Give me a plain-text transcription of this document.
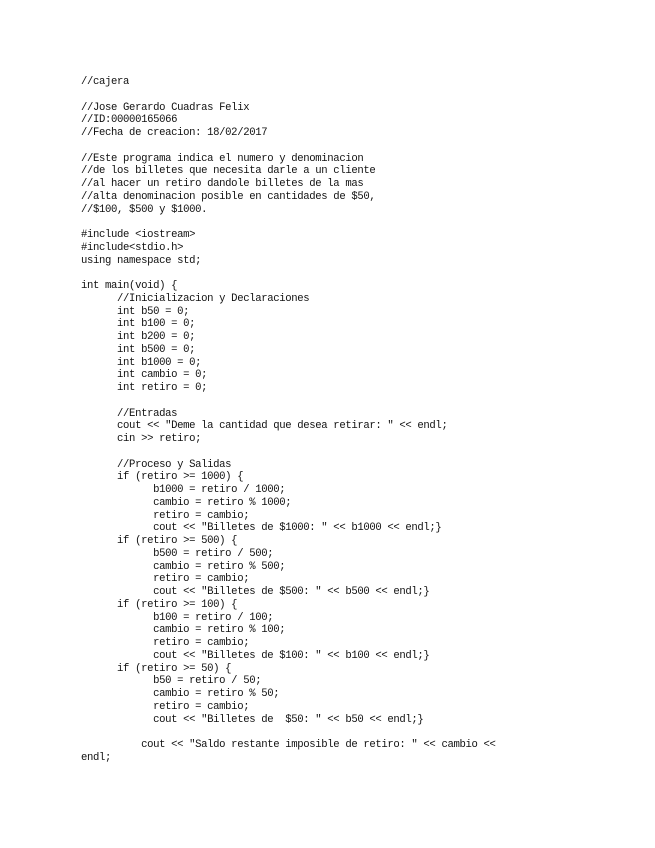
//cajera
//Jose Gerardo Cuadras Felix
//ID:00000165066
//Fecha de creacion: 18/02/2017
//Este programa indica el numero y denominacion
//de los billetes que necesita darle a un cliente
//al hacer un retiro dandole billetes de la mas
//alta denominacion posible en cantidades de $50,
//$100, $500 y $1000.
#include <iostream>
#include<stdio.h>
using namespace std;
int main(void) {
//Inicializacion y Declaraciones
int b50 = 0;
int b100 = 0;
int b200 = 0;
int b500 = 0;
int b1000 = 0;
int cambio = 0;
int retiro = 0;
//Entradas
cout << "Deme la cantidad que desea retirar: " << endl;
cin >> retiro;
//Proceso y Salidas
if (retiro >= 1000) {
b1000 = retiro / 1000;
cambio = retiro % 1000;
retiro = cambio;
cout << "Billetes de $1000: " << b1000 << endl;}
if (retiro >= 500) {
b500 = retiro / 500;
cambio = retiro % 500;
retiro = cambio;
cout << "Billetes de $500: " << b500 << endl;}
if (retiro >= 100) {
b100 = retiro / 100;
cambio = retiro % 100;
retiro = cambio;
cout << "Billetes de $100: " << b100 << endl;}
if (retiro >= 50) {
b50 = retiro / 50;
cambio = retiro % 50;
retiro = cambio;
cout << "Billetes de  $50: " << b50 << endl;}
cout << "Saldo restante imposible de retiro: " << cambio <<
endl;
